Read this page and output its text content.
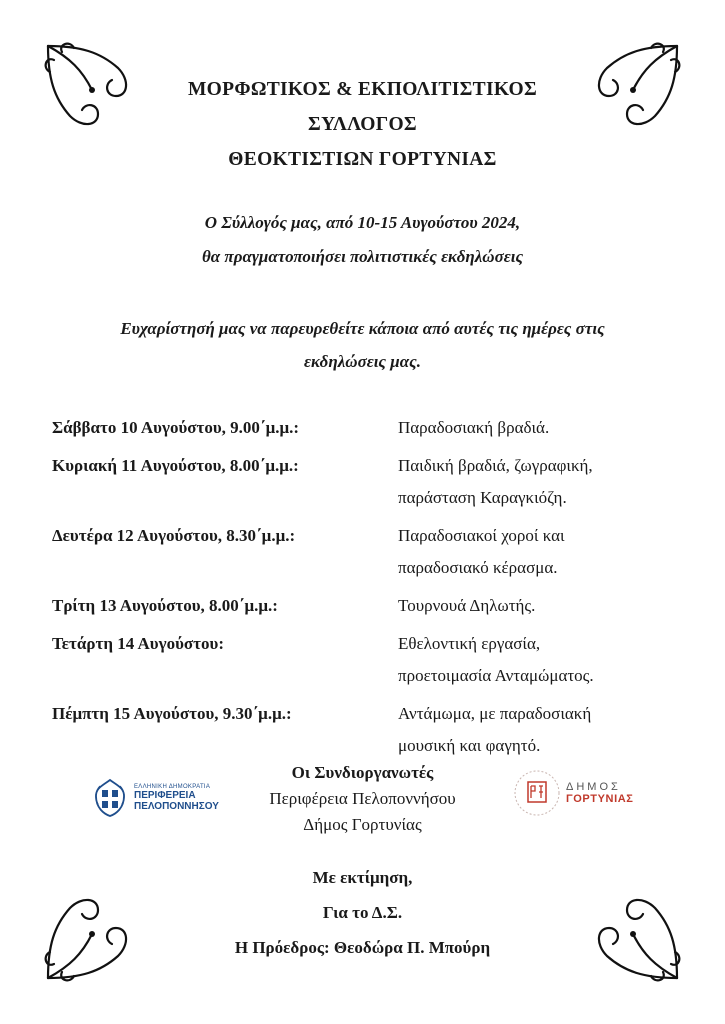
ΜΟΡΦΩΤΙΚΟΣ & ΕΚΠΟΛΙΤΙΣΤΙΚΟΣ
ΣΥΛΛΟΓΟΣ
ΘΕΟΚΤΙΣΤΙΩΝ ΓΟΡΤΥΝΙΑΣ
Ο Σύλλογός μας, από 10-15 Αυγούστου 2024,
θα πραγματοποιήσει πολιτιστικές εκδηλώσεις
Ευχαρίστησή μας να παρευρεθείτε κάποια από αυτές τις ημέρες στις
εκδηλώσεις μας.
Σάββατο 10 Αυγούστου, 9.00΄μ.μ.:	Παραδοσιακή βραδιά.
Κυριακή 11 Αυγούστου, 8.00΄μ.μ.:	Παιδική βραδιά, ζωγραφική,
παράσταση Καραγκιόζη.
Δευτέρα 12 Αυγούστου, 8.30΄μ.μ.:	Παραδοσιακοί χοροί και
παραδοσιακό κέρασμα.
Τρίτη 13 Αυγούστου, 8.00΄μ.μ.:	Τουρνουά Δηλωτής.
Τετάρτη 14 Αυγούστου:	Εθελοντική εργασία,
προετοιμασία Ανταμώματος.
Πέμπτη 15 Αυγούστου, 9.30΄μ.μ.:	Αντάμωμα, με παραδοσιακή
μουσική και φαγητό.
ΕΛΛΗΝΙΚΗ ΔΗΜΟΚΡΑΤΙΑ
ΠΕΡΙΦΕΡΕΙΑ
ΠΕΛΟΠΟΝΝΗΣΟΥ
Οι Συνδιοργανωτές
Περιφέρεια Πελοποννήσου
Δήμος Γορτυνίας
ΔΗΜΟΣ
ΓΟΡΤΥΝΙΑΣ
Με εκτίμηση,
Για το Δ.Σ.
Η Πρόεδρος: Θεοδώρα Π. Μπούρη
